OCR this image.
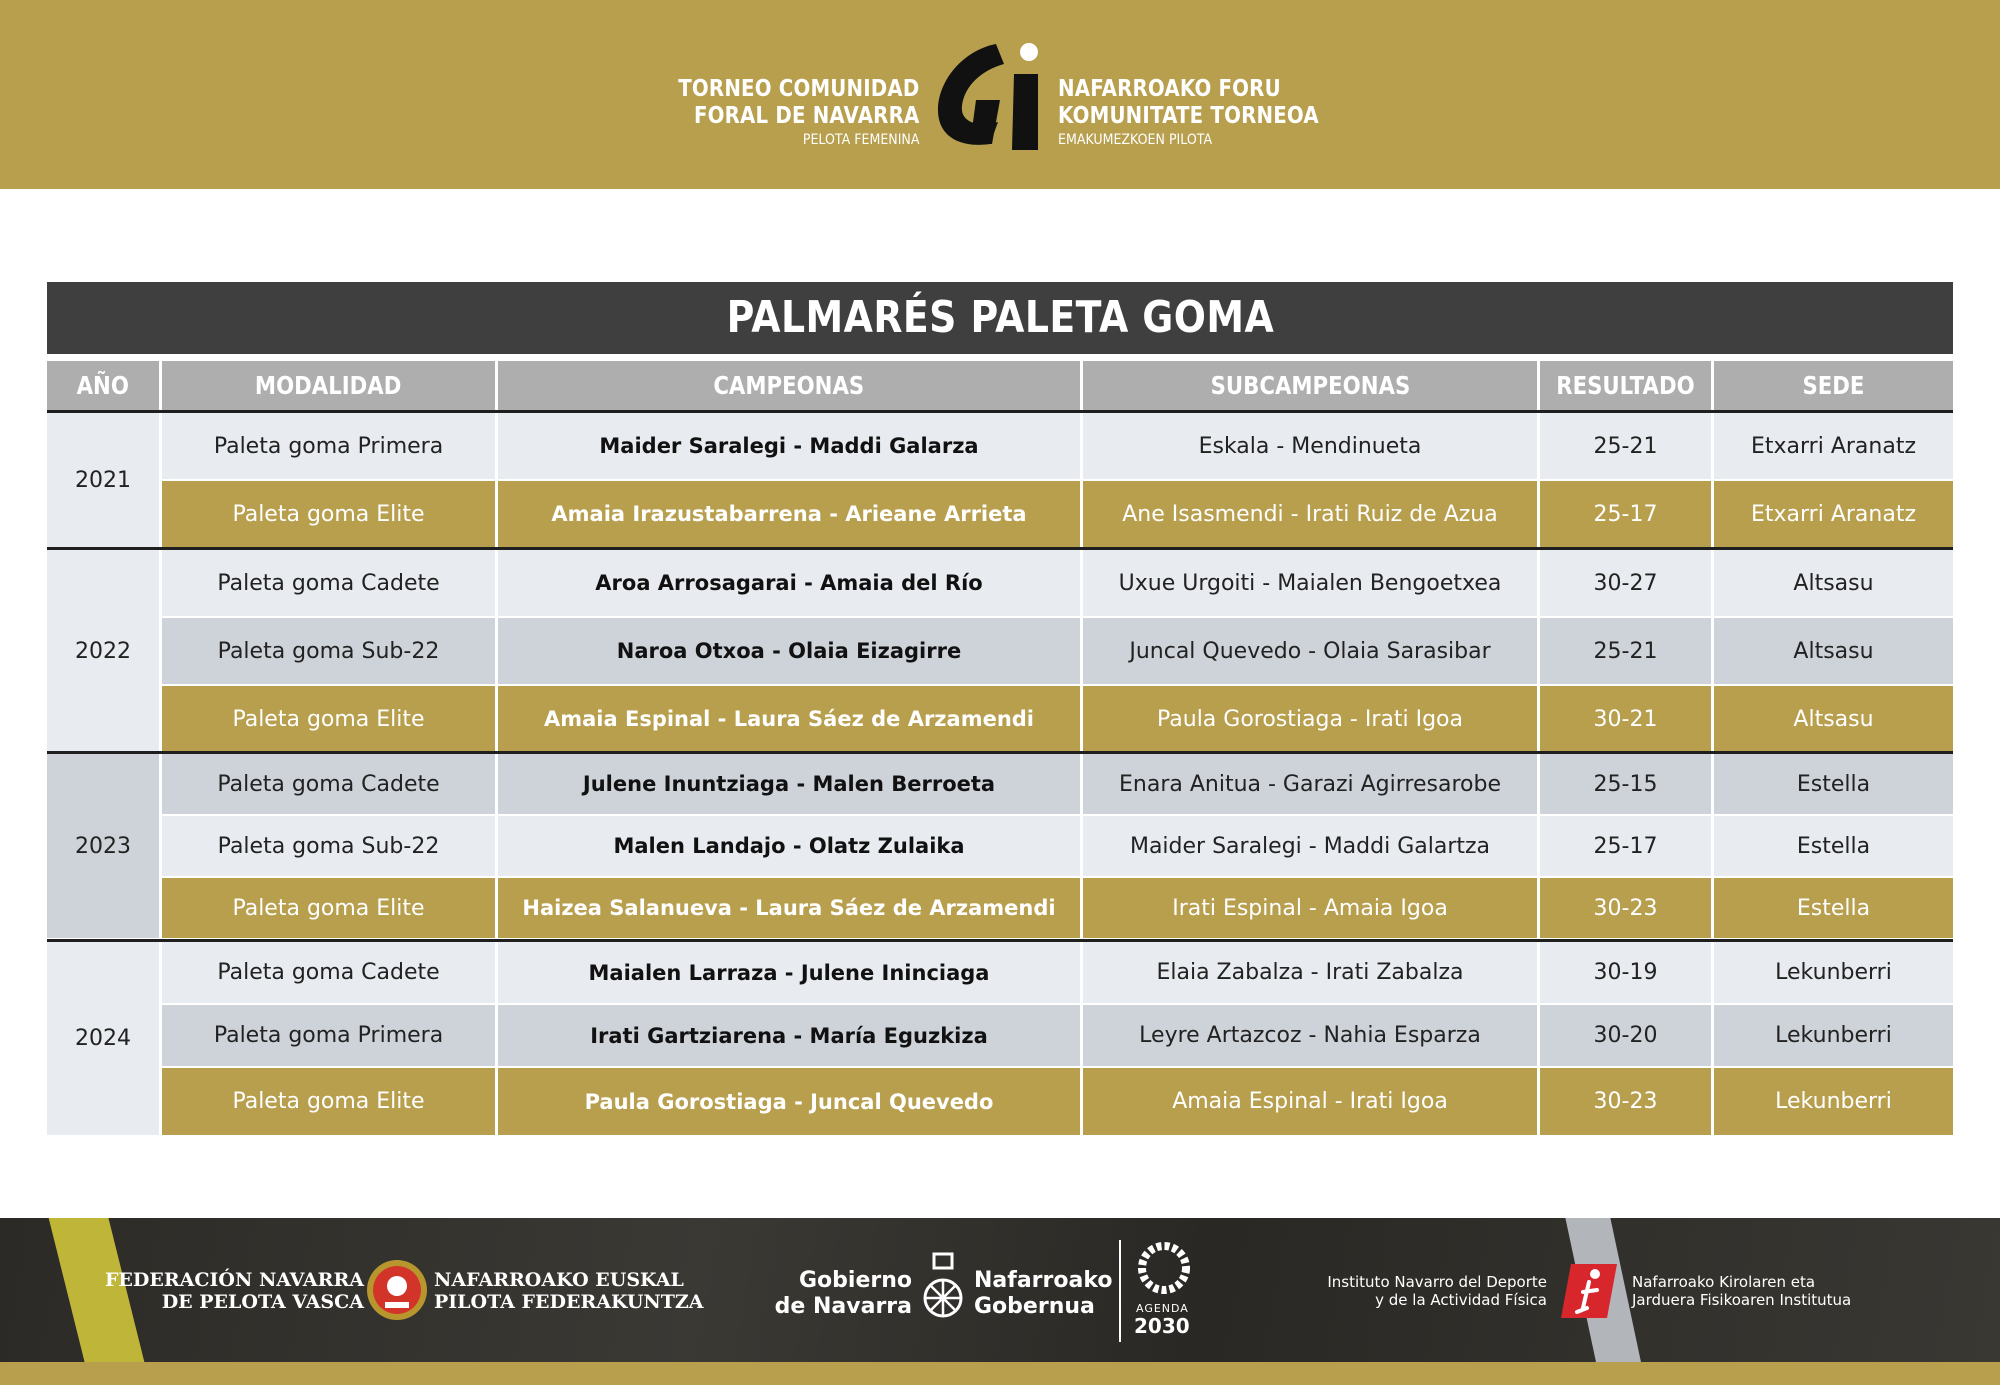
TORNEO COMUNIDAD
FORAL DE NAVARRA
PELOTA FEMENINA
NAFARROAKO FORU
KOMUNITATE TORNEOA
EMAKUMEZKOEN PILOTA
PALMARÉS PALETA GOMA
AÑO	MODALIDAD	CAMPEONAS	SUBCAMPEONAS	RESULTADO	SEDE
2021
Paleta goma Primera	Maider Saralegi - Maddi Galarza	Eskala - Mendinueta	25-21	Etxarri Aranatz
Paleta goma Elite	Amaia Irazustabarrena - Arieane Arrieta	Ane Isasmendi - Irati Ruiz de Azua	25-17	Etxarri Aranatz
2022
Paleta goma Cadete	Aroa Arrosagarai - Amaia del Río	Uxue Urgoiti - Maialen Bengoetxea	30-27	Altsasu
Paleta goma Sub-22	Naroa Otxoa - Olaia Eizagirre	Juncal Quevedo - Olaia Sarasibar	25-21	Altsasu
Paleta goma Elite	Amaia Espinal - Laura Sáez de Arzamendi	Paula Gorostiaga - Irati Igoa	30-21	Altsasu
2023
Paleta goma Cadete	Julene Inuntziaga - Malen Berroeta	Enara Anitua - Garazi Agirresarobe	25-15	Estella
Paleta goma Sub-22	Malen Landajo - Olatz Zulaika	Maider Saralegi - Maddi Galartza	25-17	Estella
Paleta goma Elite	Haizea Salanueva - Laura Sáez de Arzamendi	Irati Espinal - Amaia Igoa	30-23	Estella
2024
Paleta goma Cadete	Maialen Larraza - Julene Ininciaga	Elaia Zabalza - Irati Zabalza	30-19	Lekunberri
Paleta goma Primera	Irati Gartziarena - María Eguzkiza	Leyre Artazcoz - Nahia Esparza	30-20	Lekunberri
Paleta goma Elite	Paula Gorostiaga - Juncal Quevedo	Amaia Espinal - Irati Igoa	30-23	Lekunberri
FEDERACIÓN NAVARRA
DE PELOTA VASCA
NAFARROAKO EUSKAL
PILOTA FEDERAKUNTZA
Gobierno
de Navarra
Nafarroako
Gobernua	AGENDA
2030
Instituto Navarro del Deporte
y de la Actividad Física
Nafarroako Kirolaren eta
Jarduera Fisikoaren Institutua
